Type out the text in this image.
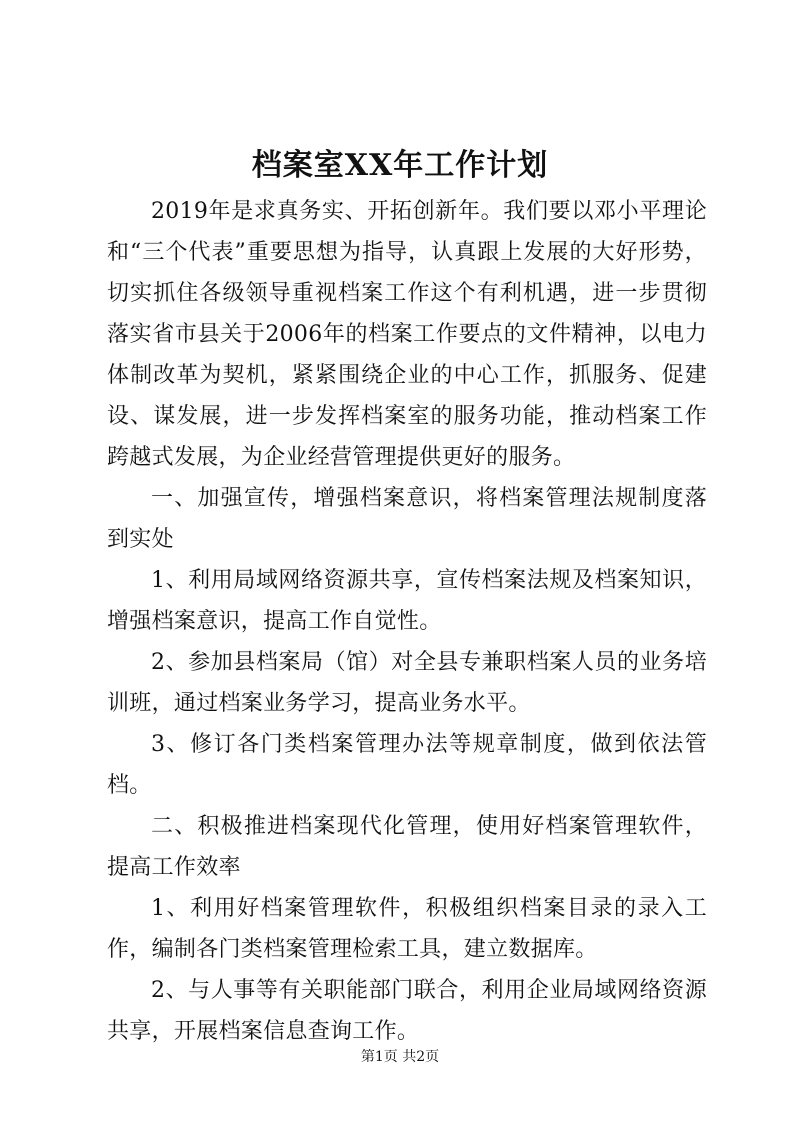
档案室XX年工作计划

2019年是求真务实、开拓创新年。我们要以邓小平理论和“三个代表”重要思想为指导，认真跟上发展的大好形势，切实抓住各级领导重视档案工作这个有利机遇，进一步贯彻落实省市县关于2006年的档案工作要点的文件精神，以电力体制改革为契机，紧紧围绕企业的中心工作，抓服务、促建设、谋发展，进一步发挥档案室的服务功能，推动档案工作跨越式发展，为企业经营管理提供更好的服务。

一、加强宣传，增强档案意识，将档案管理法规制度落到实处

1、利用局域网络资源共享，宣传档案法规及档案知识，增强档案意识，提高工作自觉性。

2、参加县档案局（馆）对全县专兼职档案人员的业务培训班，通过档案业务学习，提高业务水平。

3、修订各门类档案管理办法等规章制度，做到依法管档。

二、积极推进档案现代化管理，使用好档案管理软件，提高工作效率

1、利用好档案管理软件，积极组织档案目录的录入工作，编制各门类档案管理检索工具，建立数据库。

2、与人事等有关职能部门联合，利用企业局域网络资源共享，开展档案信息查询工作。

第1页 共2页
